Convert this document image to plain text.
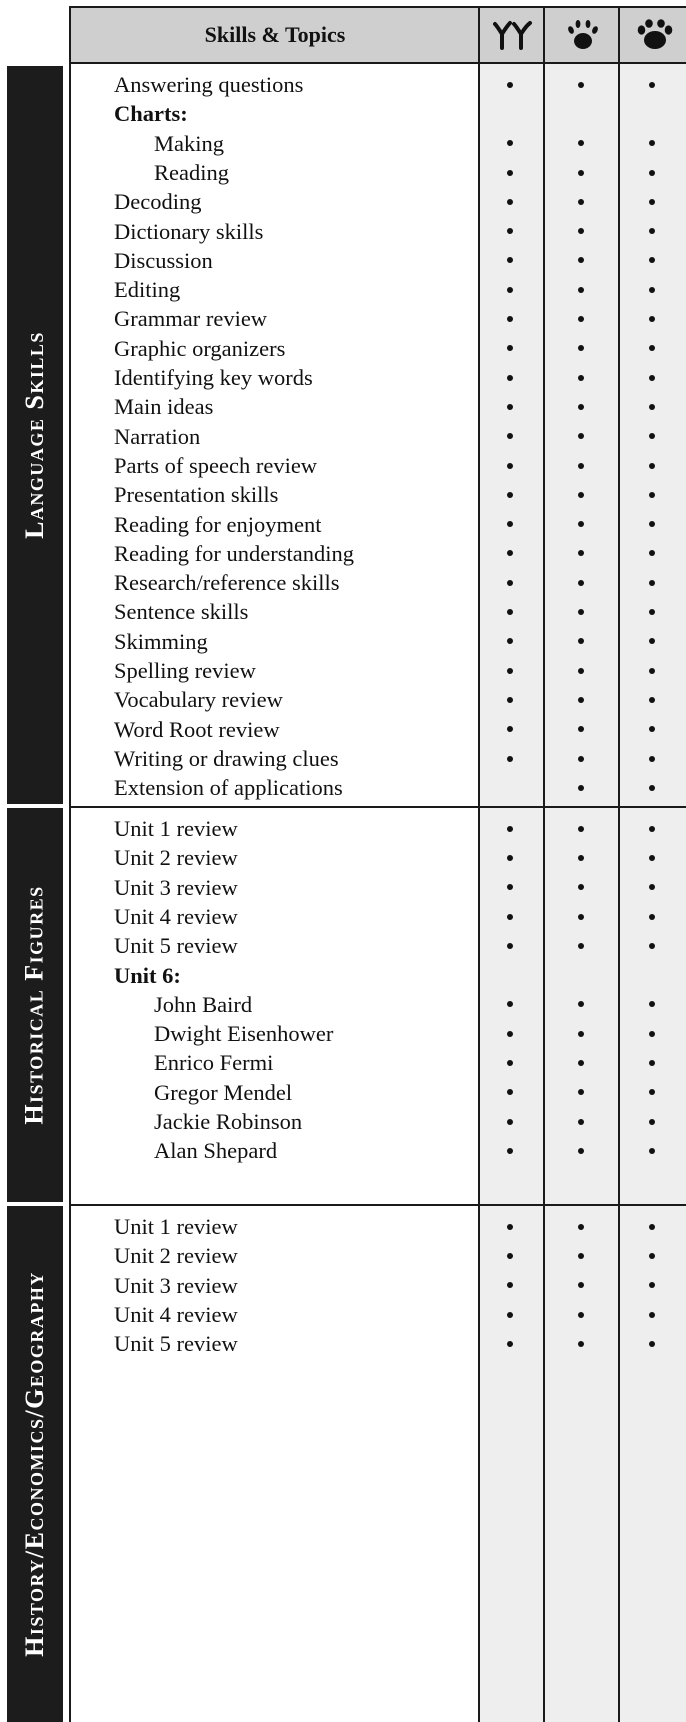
Skills & Topics
Language Skills
Historical Figures
History/Economics/Geography
Answering questions
Charts:
Making
Reading
Decoding
Dictionary skills
Discussion
Editing
Grammar review
Graphic organizers
Identifying key words
Main ideas
Narration
Parts of speech review
Presentation skills
Reading for enjoyment
Reading for understanding
Research/reference skills
Sentence skills
Skimming
Spelling review
Vocabulary review
Word Root review
Writing or drawing clues
Extension of applications
Unit 1 review
Unit 2 review
Unit 3 review
Unit 4 review
Unit 5 review
Unit 6:
John Baird
Dwight Eisenhower
Enrico Fermi
Gregor Mendel
Jackie Robinson
Alan Shepard
Unit 1 review
Unit 2 review
Unit 3 review
Unit 4 review
Unit 5 review
